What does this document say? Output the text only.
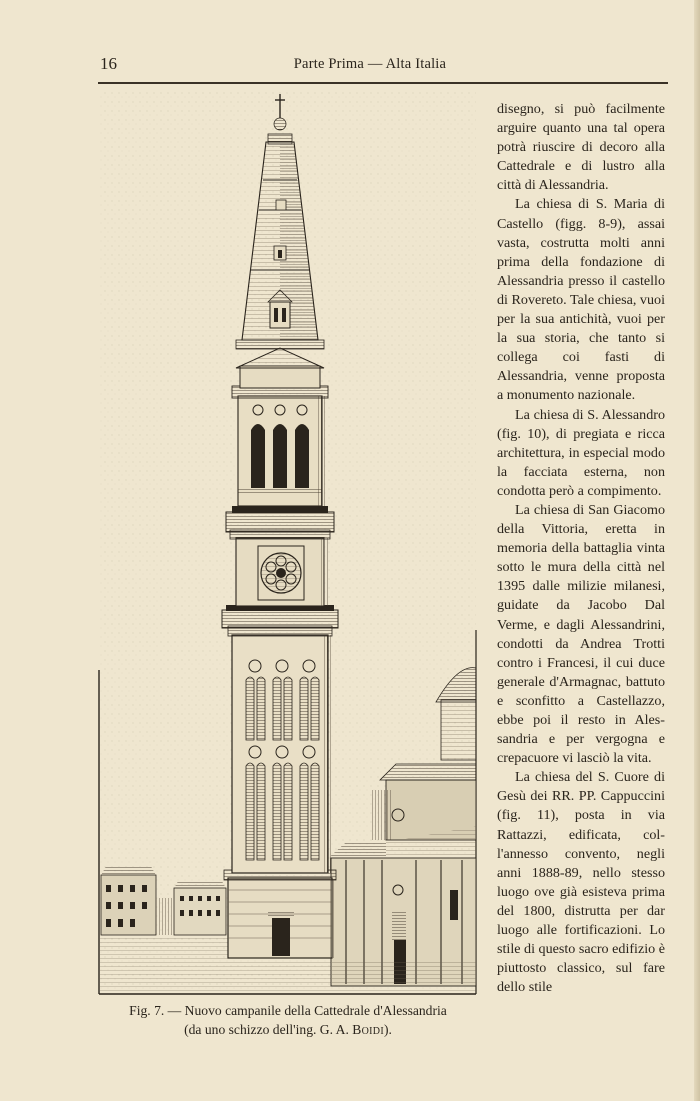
16	Parte Prima — Alta Italia
Fig. 7. — Nuovo campanile della Cattedrale d'Alessandria
(da uno schizzo dell'ing. G. A. Boidi).

disegno, si può facilmente arguire quanto una tal opera potrà riuscire di decoro alla Cattedrale e di lustro alla città di Alessandria.

La chiesa di S. Maria di Castello (figg. 8-9), assai vasta, costrutta molti anni prima della fondazione di Alessandria presso il castello di Rovereto. Tale chiesa, vuoi per la sua antichità, vuoi per la sua storia, che tanto si collega coi fasti di Alessandria, venne proposta a monumento nazionale.

La chiesa di S. Alessandro (fig. 10), di pregiata e ricca architettura, in especial modo la facciata esterna, non condotta però a compimento.

La chiesa di San Giacomo della Vittoria, eretta in memoria della battaglia vinta sotto le mura della città nel 1395 dalle milizie milanesi, guidate da Jacobo Dal Verme, e dagli Alessandrini, condotti da Andrea Trotti contro i Francesi, il cui duce generale d'Armagnac, battuto e sconfitto a Castellazzo, ebbe poi il resto in Alessandria e per vergogna e crepacuore vi lasciò la vita.

La chiesa del S. Cuore di Gesù dei RR. PP. Cappuccini (fig. 11), posta in via Rattazzi, edificata, coll'annesso convento, negli anni 1888-89, nello stesso luogo ove già esisteva prima del 1800, distrutta per dar luogo alle fortificazioni. Lo stile di questo sacro edifizio è piuttosto classico, sul fare dello stile
